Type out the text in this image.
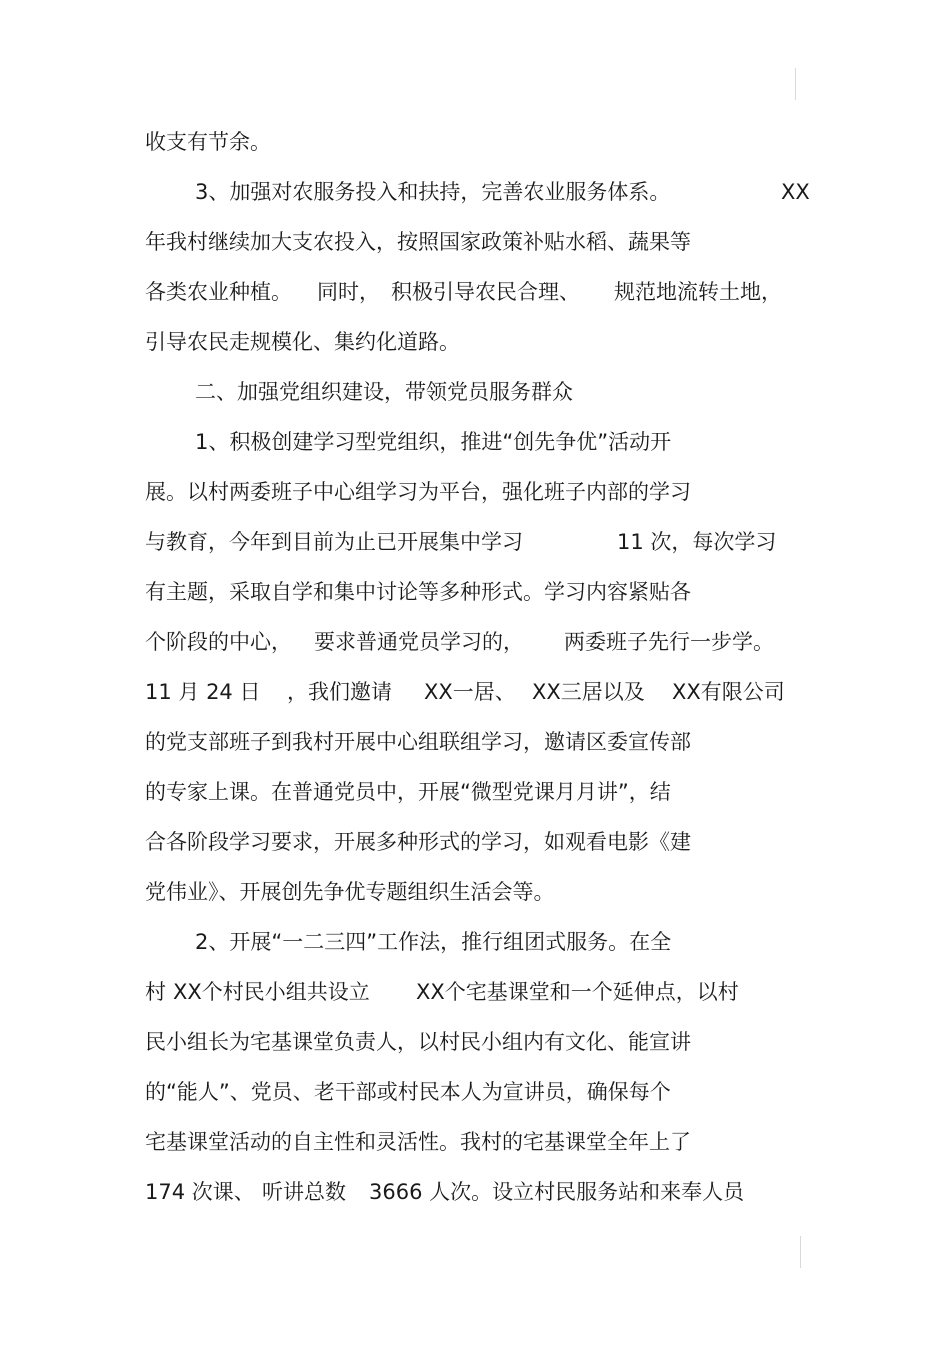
收支有节余。
3、加强对农服务投入和扶持，完善农业服务体系。	XX
年我村继续加大支农投入，按照国家政策补贴水稻、蔬果等
各类农业种植。 同时， 积极引导农民合理、 规范地流转土地，
引导农民走规模化、集约化道路。
二、加强党组织建设，带领党员服务群众
1、积极创建学习型党组织，推进“创先争优”活动开
展。以村两委班子中心组学习为平台，强化班子内部的学习
与教育，今年到目前为止已开展集中学习	11 次，每次学习
有主题，采取自学和集中讨论等多种形式。学习内容紧贴各
个阶段的中心， 要求普通党员学习的， 两委班子先行一步学。
11 月 24 日 ，我们邀请 XX一居、 XX三居以及 XX有限公司
的党支部班子到我村开展中心组联组学习，邀请区委宣传部
的专家上课。在普通党员中，开展“微型党课月月讲”，结
合各阶段学习要求，开展多种形式的学习，如观看电影《建
党伟业》、开展创先争优专题组织生活会等。
2、开展“一二三四”工作法，推行组团式服务。在全
村 XX个村民小组共设立 XX个宅基课堂和一个延伸点，以村
民小组长为宅基课堂负责人，以村民小组内有文化、能宣讲
的“能人”、党员、老干部或村民本人为宣讲员，确保每个
宅基课堂活动的自主性和灵活性。我村的宅基课堂全年上了
174 次课、 听讲总数 3666 人次。设立村民服务站和来奉人员
